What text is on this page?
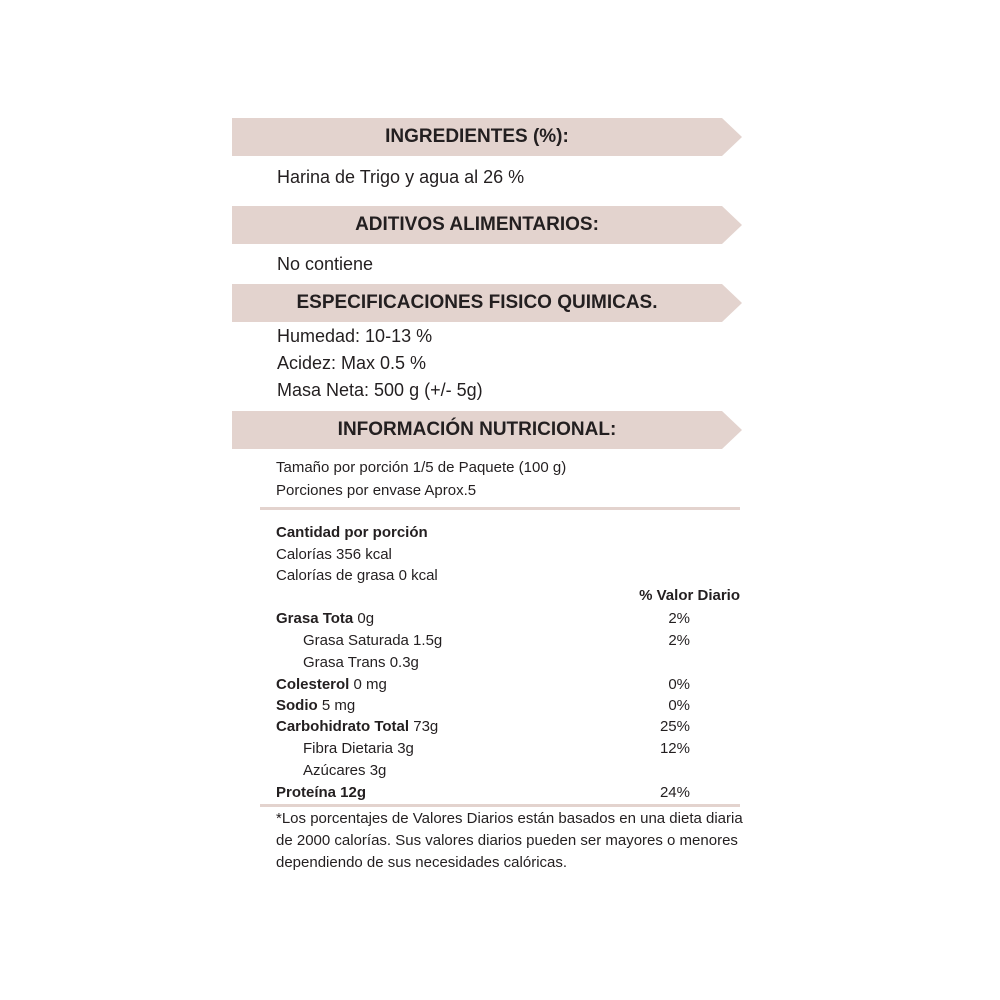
INGREDIENTES (%):
Harina de Trigo y agua al 26 %
ADITIVOS ALIMENTARIOS:
No contiene
ESPECIFICACIONES FISICO QUIMICAS.
Humedad: 10-13 %
Acidez: Max 0.5 %
Masa Neta: 500 g (+/- 5g)
INFORMACIÓN NUTRICIONAL:
Tamaño por porción 1/5 de Paquete (100 g)
Porciones por envase Aprox.5
Cantidad por porción
Calorías 356 kcal
Calorías de grasa 0 kcal
% Valor Diario
Grasa Tota 0g	2%
Grasa Saturada 1.5g	2%
Grasa Trans 0.3g
Colesterol 0 mg	0%
Sodio 5 mg	0%
Carbohidrato Total 73g	25%
Fibra Dietaria 3g	12%
Azúcares 3g
Proteína 12g	24%
*Los porcentajes de Valores Diarios están basados en una dieta diaria de 2000 calorías. Sus valores diarios pueden ser mayores o menores dependiendo de sus necesidades calóricas.
